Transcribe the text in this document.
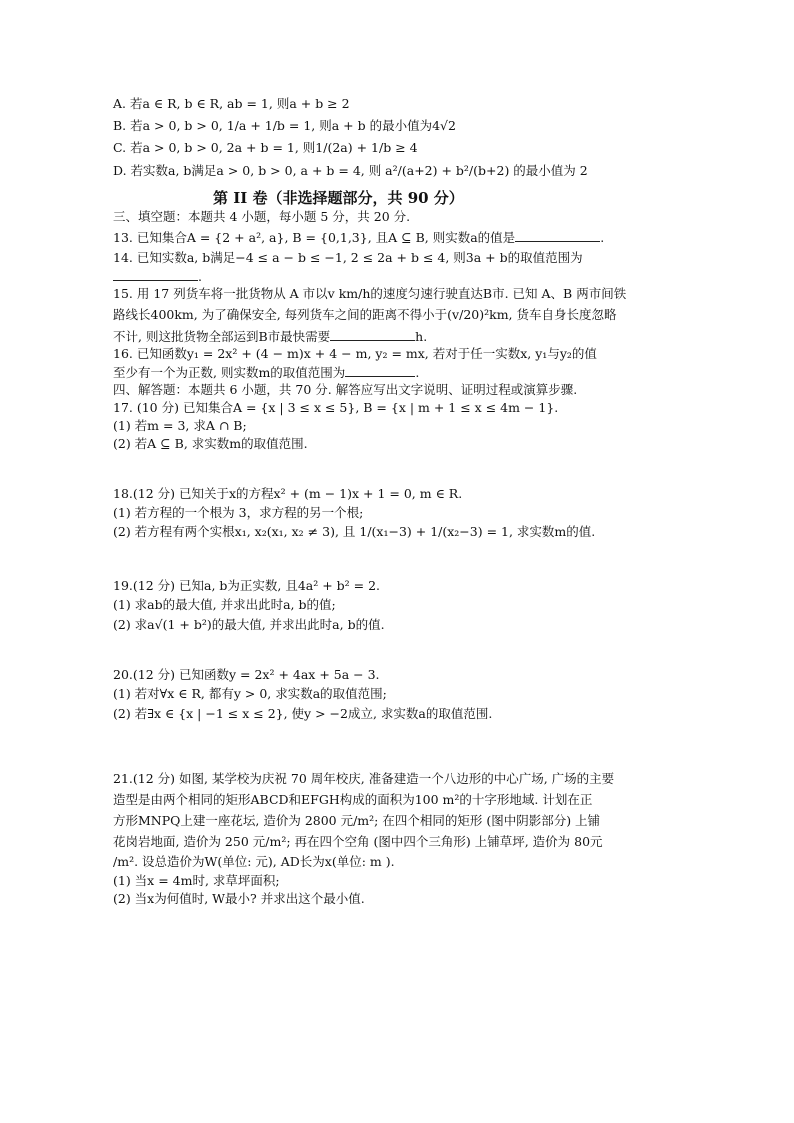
A. 若a ∈ R, b ∈ R, ab = 1, 则a + b ≥ 2
B. 若a > 0, b > 0, 1/a + 1/b = 1, 则a + b 的最小值为4√2
C. 若a > 0, b > 0, 2a + b = 1, 则1/(2a) + 1/b ≥ 4
D. 若实数a, b满足a > 0, b > 0, a + b = 4, 则 a²/(a+2) + b²/(b+2) 的最小值为 2
第 II 卷（非选择题部分，共 90 分）
三、填空题：本题共 4 小题，每小题 5 分，共 20 分.
13. 已知集合A = {2 + a², a}, B = {0,1,3}, 且A ⊆ B, 则实数a的值是	.
14. 已知实数a, b满足−4 ≤ a − b ≤ −1, 2 ≤ 2a + b ≤ 4, 则3a + b的取值范围为
.
15. 用 17 列货车将一批货物从 A 市以v km/h的速度匀速行驶直达B市. 已知 A、B 两市间铁
路线长400km, 为了确保安全, 每列货车之间的距离不得小于(v/20)²km, 货车自身长度忽略
不计, 则这批货物全部运到B市最快需要	h.
16. 已知函数y₁ = 2x² + (4 − m)x + 4 − m, y₂ = mx, 若对于任一实数x, y₁与y₂的值
至少有一个为正数, 则实数m的取值范围为	.
四、解答题：本题共 6 小题，共 70 分. 解答应写出文字说明、证明过程或演算步骤.
17. (10 分) 已知集合A = {x | 3 ≤ x ≤ 5}, B = {x | m + 1 ≤ x ≤ 4m − 1}.
(1) 若m = 3, 求A ∩ B;
(2) 若A ⊆ B, 求实数m的取值范围.
18.(12 分) 已知关于x的方程x² + (m − 1)x + 1 = 0, m ∈ R.
(1) 若方程的一个根为 3，求方程的另一个根;
(2) 若方程有两个实根x₁, x₂(x₁, x₂ ≠ 3), 且 1/(x₁−3) + 1/(x₂−3) = 1, 求实数m的值.
19.(12 分) 已知a, b为正实数, 且4a² + b² = 2.
(1) 求ab的最大值, 并求出此时a, b的值;
(2) 求a√(1 + b²)的最大值, 并求出此时a, b的值.
20.(12 分) 已知函数y = 2x² + 4ax + 5a − 3.
(1) 若对∀x ∈ R, 都有y > 0, 求实数a的取值范围;
(2) 若∃x ∈ {x | −1 ≤ x ≤ 2}, 使y > −2成立, 求实数a的取值范围.
21.(12 分) 如图, 某学校为庆祝 70 周年校庆, 准备建造一个八边形的中心广场, 广场的主要
造型是由两个相同的矩形ABCD和EFGH构成的面积为100 m²的十字形地域. 计划在正
方形MNPQ上建一座花坛, 造价为 2800 元/m²; 在四个相同的矩形 (图中阴影部分) 上铺
花岗岩地面, 造价为 250 元/m²; 再在四个空角 (图中四个三角形) 上铺草坪, 造价为 80元
/m². 设总造价为W(单位: 元), AD长为x(单位: m ).
(1) 当x = 4m时, 求草坪面积;
(2) 当x为何值时, W最小? 并求出这个最小值.
